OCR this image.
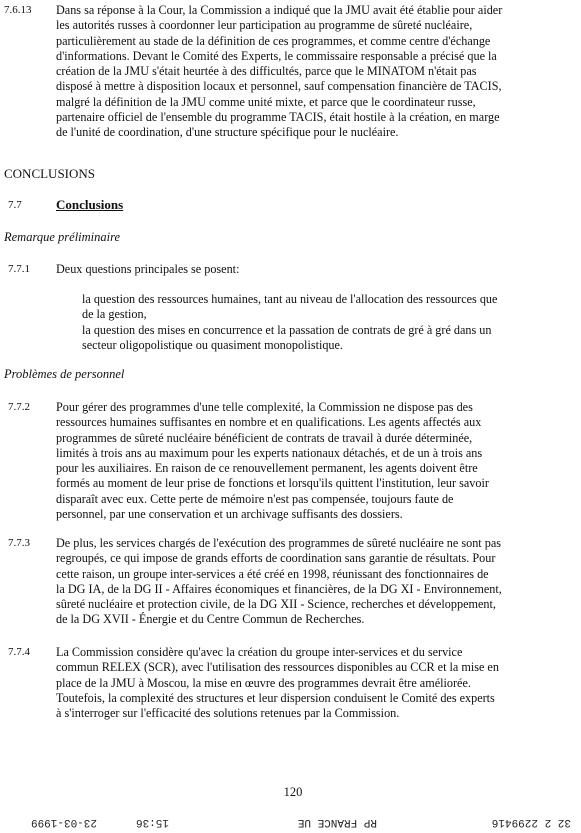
7.6.13 Dans sa réponse à la Cour, la Commission a indiqué que la JMU avait été établie pour aider

les autorités russes à coordonner leur participation au programme de sûreté nucléaire,

particulièrement au stade de la définition de ces programmes, et comme centre d'échange

d'informations. Devant le Comité des Experts, le commissaire responsable a précisé que la

création de la JMU s'était heurtée à des difficultés, parce que le MINATOM n'était pas

disposé à mettre à disposition locaux et personnel, sauf compensation financière de TACIS,

malgré la définition de la JMU comme unité mixte, et parce que le coordinateur russe,

partenaire officiel de l'ensemble du programme TACIS, était hostile à la création, en marge

de l'unité de coordination, d'une structure spécifique pour le nucléaire.

CONCLUSIONS
7.7	Conclusions
Remarque préliminaire
7.7.1 Deux questions principales se posent:

la question des ressources humaines, tant au niveau de l'allocation des ressources que

de la gestion,

la question des mises en concurrence et la passation de contrats de gré à gré dans un

secteur oligopolistique ou quasiment monopolistique.

Problèmes de personnel
7.7.2 Pour gérer des programmes d'une telle complexité, la Commission ne dispose pas des

ressources humaines suffisantes en nombre et en qualifications. Les agents affectés aux

programmes de sûreté nucléaire bénéficient de contrats de travail à durée déterminée,

limités à trois ans au maximum pour les experts nationaux détachés, et de un à trois ans

pour les auxiliaires. En raison de ce renouvellement permanent, les agents doivent être

formés au moment de leur prise de fonctions et lorsqu'ils quittent l'institution, leur savoir

disparaît avec eux. Cette perte de mémoire n'est pas compensée, toujours faute de

personnel, par une conservation et un archivage suffisants des dossiers.

7.7.3 De plus, les services chargés de l'exécution des programmes de sûreté nucléaire ne sont pas

regroupés, ce qui impose de grands efforts de coordination sans garantie de résultats. Pour

cette raison, un groupe inter-services a été créé en 1998, réunissant des fonctionnaires de

la DG IA, de la DG II - Affaires économiques et financières, de la DG XI - Environnement,

sûreté nucléaire et protection civile, de la DG XII - Science, recherches et développement,

de la DG XVII - Énergie et du Centre Commun de Recherches.

7.7.4 La Commission considère qu'avec la création du groupe inter-services et du service

commun RELEX (SCR), avec l'utilisation des ressources disponibles au CCR et la mise en

place de la JMU à Moscou, la mise en œuvre des programmes devrait être améliorée.

Toutefois, la complexité des structures et leur dispersion conduisent le Comité des experts

à s'interroger sur l'efficacité des solutions retenues par la Commission.

120
32 2 2299416
RP FRANCE UE
15:36
23-03-1999
